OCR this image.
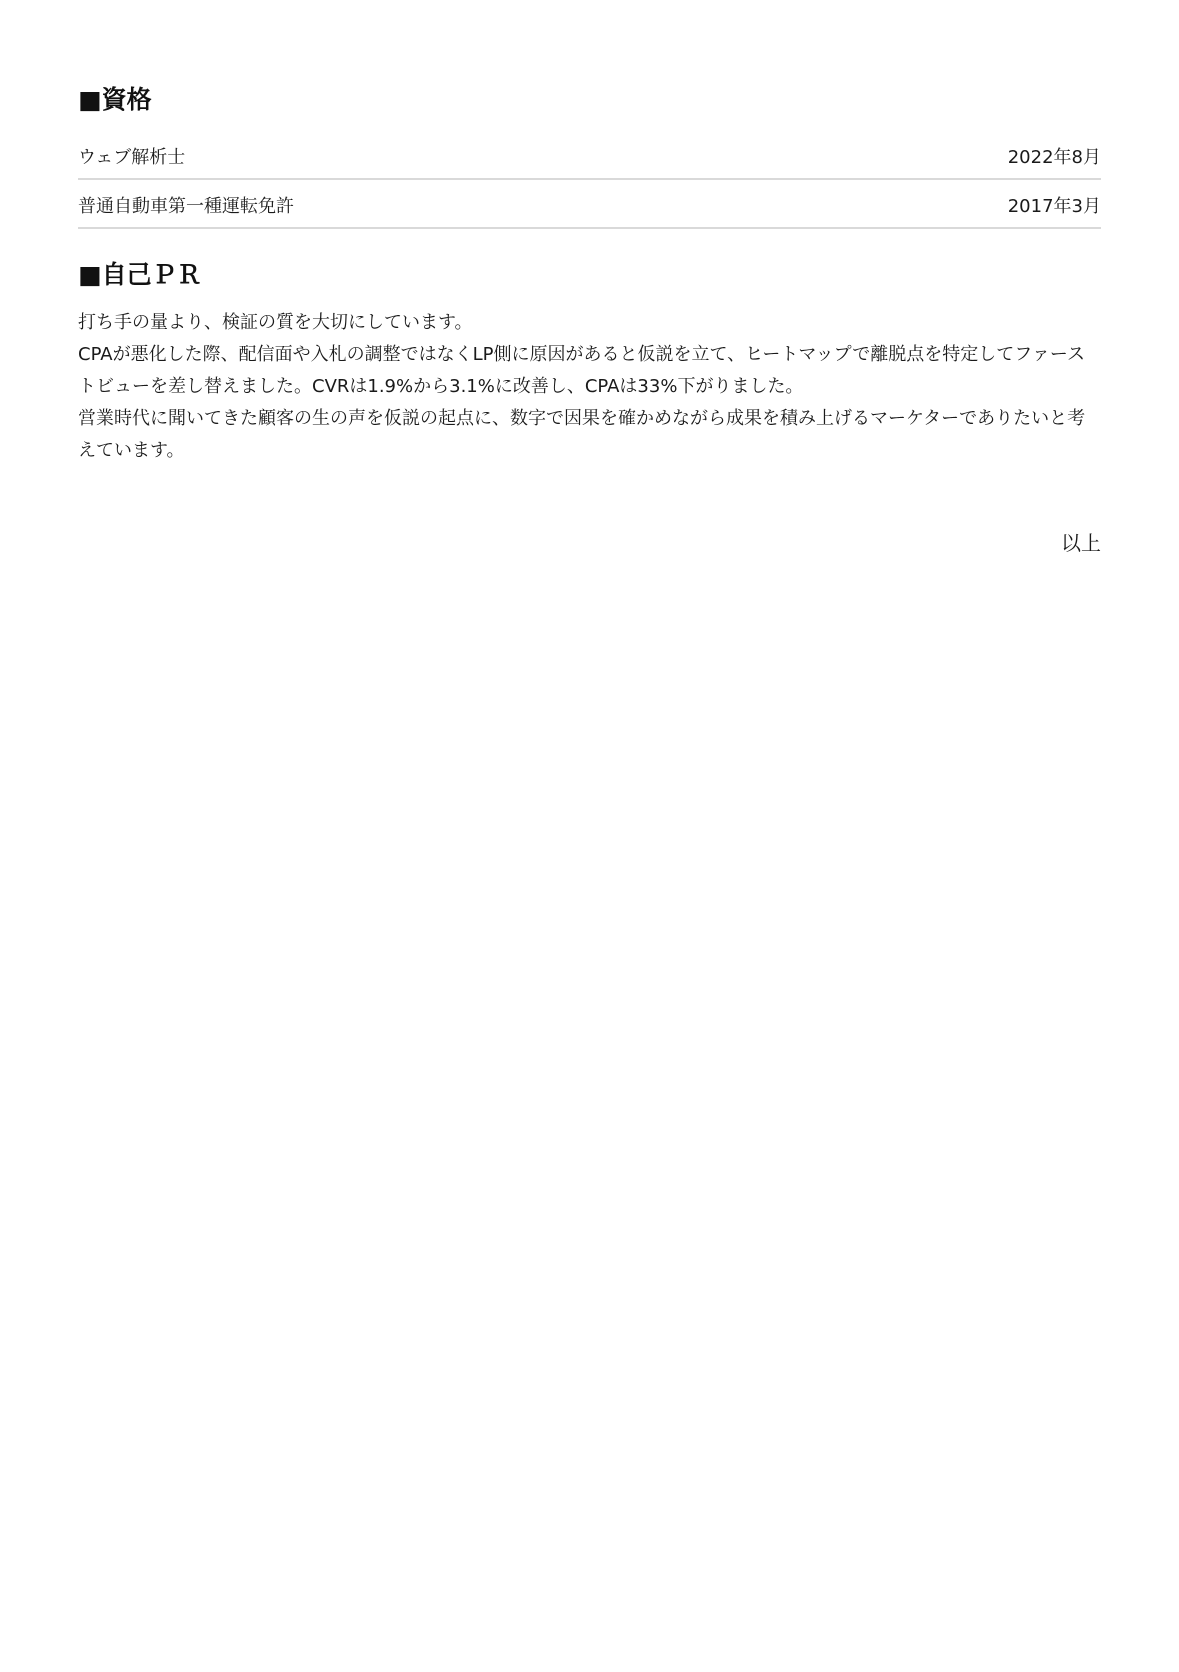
■資格
ウェブ解析士	2022年8月
普通自動車第一種運転免許	2017年3月
■自己ＰＲ

打ち手の量より、検証の質を大切にしています。

CPAが悪化した際、配信面や入札の調整ではなくLP側に原因があると仮説を立て、ヒートマップで離脱点を特定してファーストビューを差し替えました。CVRは1.9%から3.1%に改善し、CPAは33%下がりました。

営業時代に聞いてきた顧客の生の声を仮説の起点に、数字で因果を確かめながら成果を積み上げるマーケターでありたいと考えています。

以上
